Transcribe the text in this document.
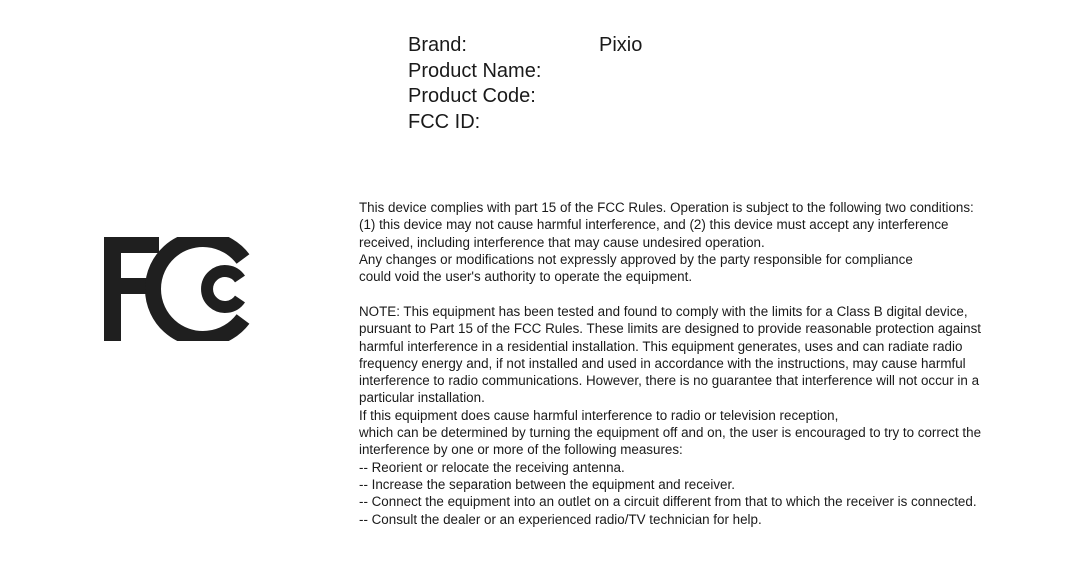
Brand:	Pixio
Product Name:
Product Code:
FCC ID:
This device complies with part 15 of the FCC Rules. Operation is subject to the following two conditions:
(1) this device may not cause harmful interference, and (2) this device must accept any interference
received, including interference that may cause undesired operation.
Any changes or modifications not expressly approved by the party responsible for compliance
could void the user's authority to operate the equipment.
NOTE: This equipment has been tested and found to comply with the limits for a Class B digital device,
pursuant to Part 15 of the FCC Rules. These limits are designed to provide reasonable protection against
harmful interference in a residential installation. This equipment generates, uses and can radiate radio
frequency energy and, if not installed and used in accordance with the instructions, may cause harmful
interference to radio communications. However, there is no guarantee that interference will not occur in a
particular installation.
If this equipment does cause harmful interference to radio or television reception,
which can be determined by turning the equipment off and on, the user is encouraged to try to correct the
interference by one or more of the following measures:
-- Reorient or relocate the receiving antenna.
-- Increase the separation between the equipment and receiver.
-- Connect the equipment into an outlet on a circuit different from that to which the receiver is connected.
-- Consult the dealer or an experienced radio/TV technician for help.
